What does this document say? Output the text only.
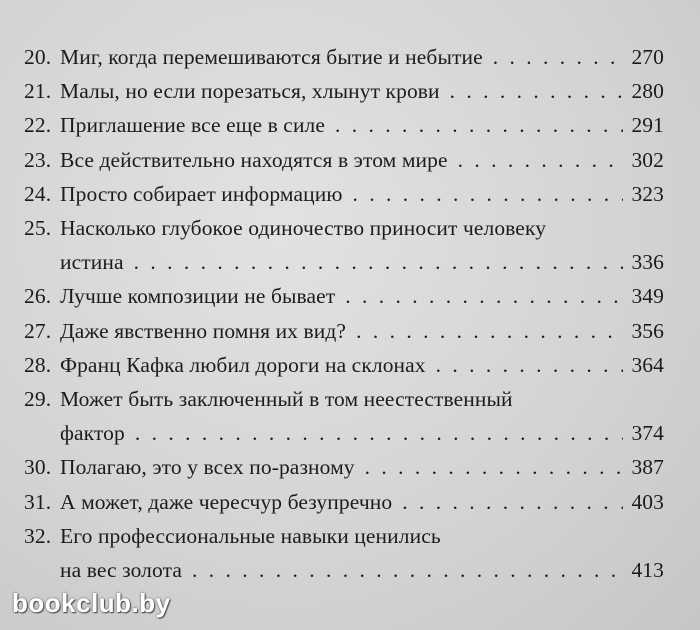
20. Миг, когда перемешиваются бытие и небытие . . .	270
21. Малы, но если порезаться, хлынут крови . . .	280
22. Приглашение все еще в силе . . .	291
23. Все действительно находятся в этом мире . . .	302
24. Просто собирает информацию . . .	323
25. Насколько глубокое одиночество приносит человеку
истина . . .	336
26. Лучше композиции не бывает . . .	349
27. Даже явственно помня их вид? . . .	356
28. Франц Кафка любил дороги на склонах . . .	364
29. Может быть заключенный в том неестественный
фактор . . .	374
30. Полагаю, это у всех по-разному . . .	387
31. А может, даже чересчур безупречно . . .	403
32. Его профессиональные навыки ценились
на вес золота . . .	413
bookclub.by
